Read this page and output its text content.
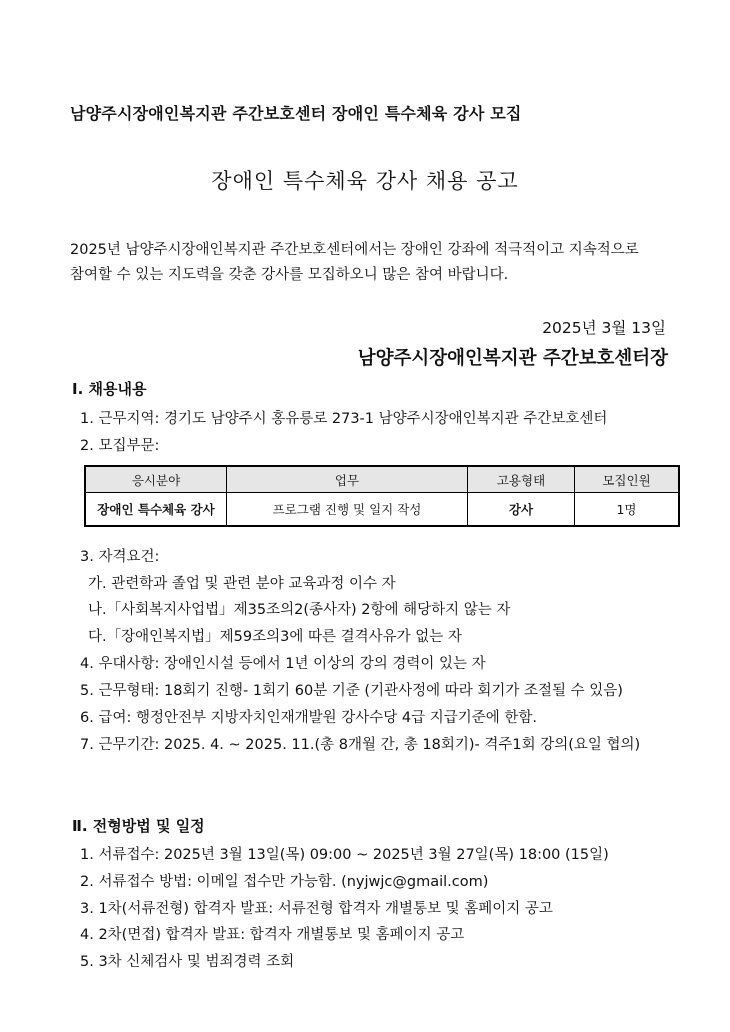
남양주시장애인복지관 주간보호센터 장애인 특수체육 강사 모집
장애인 특수체육 강사 채용 공고
2025년 남양주시장애인복지관 주간보호센터에서는 장애인 강좌에 적극적이고 지속적으로 참여할 수 있는 지도력을 갖춘 강사를 모집하오니 많은 참여 바랍니다.
2025년 3월 13일
남양주시장애인복지관 주간보호센터장
Ⅰ. 채용내용
1. 근무지역: 경기도 남양주시 홍유릉로 273-1 남양주시장애인복지관 주간보호센터
2. 모집부문:
응시분야	업무	고용형태	모집인원
장애인 특수체육 강사	프로그램 진행 및 일지 작성	강사	1명
3. 자격요건:
가. 관련학과 졸업 및 관련 분야 교육과정 이수 자
나.「사회복지사업법」제35조의2(종사자) 2항에 해당하지 않는 자
다.「장애인복지법」제59조의3에 따른 결격사유가 없는 자
4. 우대사항: 장애인시설 등에서 1년 이상의 강의 경력이 있는 자
5. 근무형태: 18회기 진행- 1회기 60분 기준 (기관사정에 따라 회기가 조절될 수 있음)
6. 급여: 행정안전부 지방자치인재개발원 강사수당 4급 지급기준에 한함.
7. 근무기간: 2025. 4. ~ 2025. 11.(총 8개월 간, 총 18회기)- 격주1회 강의(요일 협의)
Ⅱ. 전형방법 및 일정
1. 서류접수: 2025년 3월 13일(목) 09:00 ~ 2025년 3월 27일(목) 18:00 (15일)
2. 서류접수 방법: 이메일 접수만 가능함. (nyjwjc@gmail.com)
3. 1차(서류전형) 합격자 발표: 서류전형 합격자 개별통보 및 홈페이지 공고
4. 2차(면접) 합격자 발표: 합격자 개별통보 및 홈페이지 공고
5. 3차 신체검사 및 범죄경력 조회
